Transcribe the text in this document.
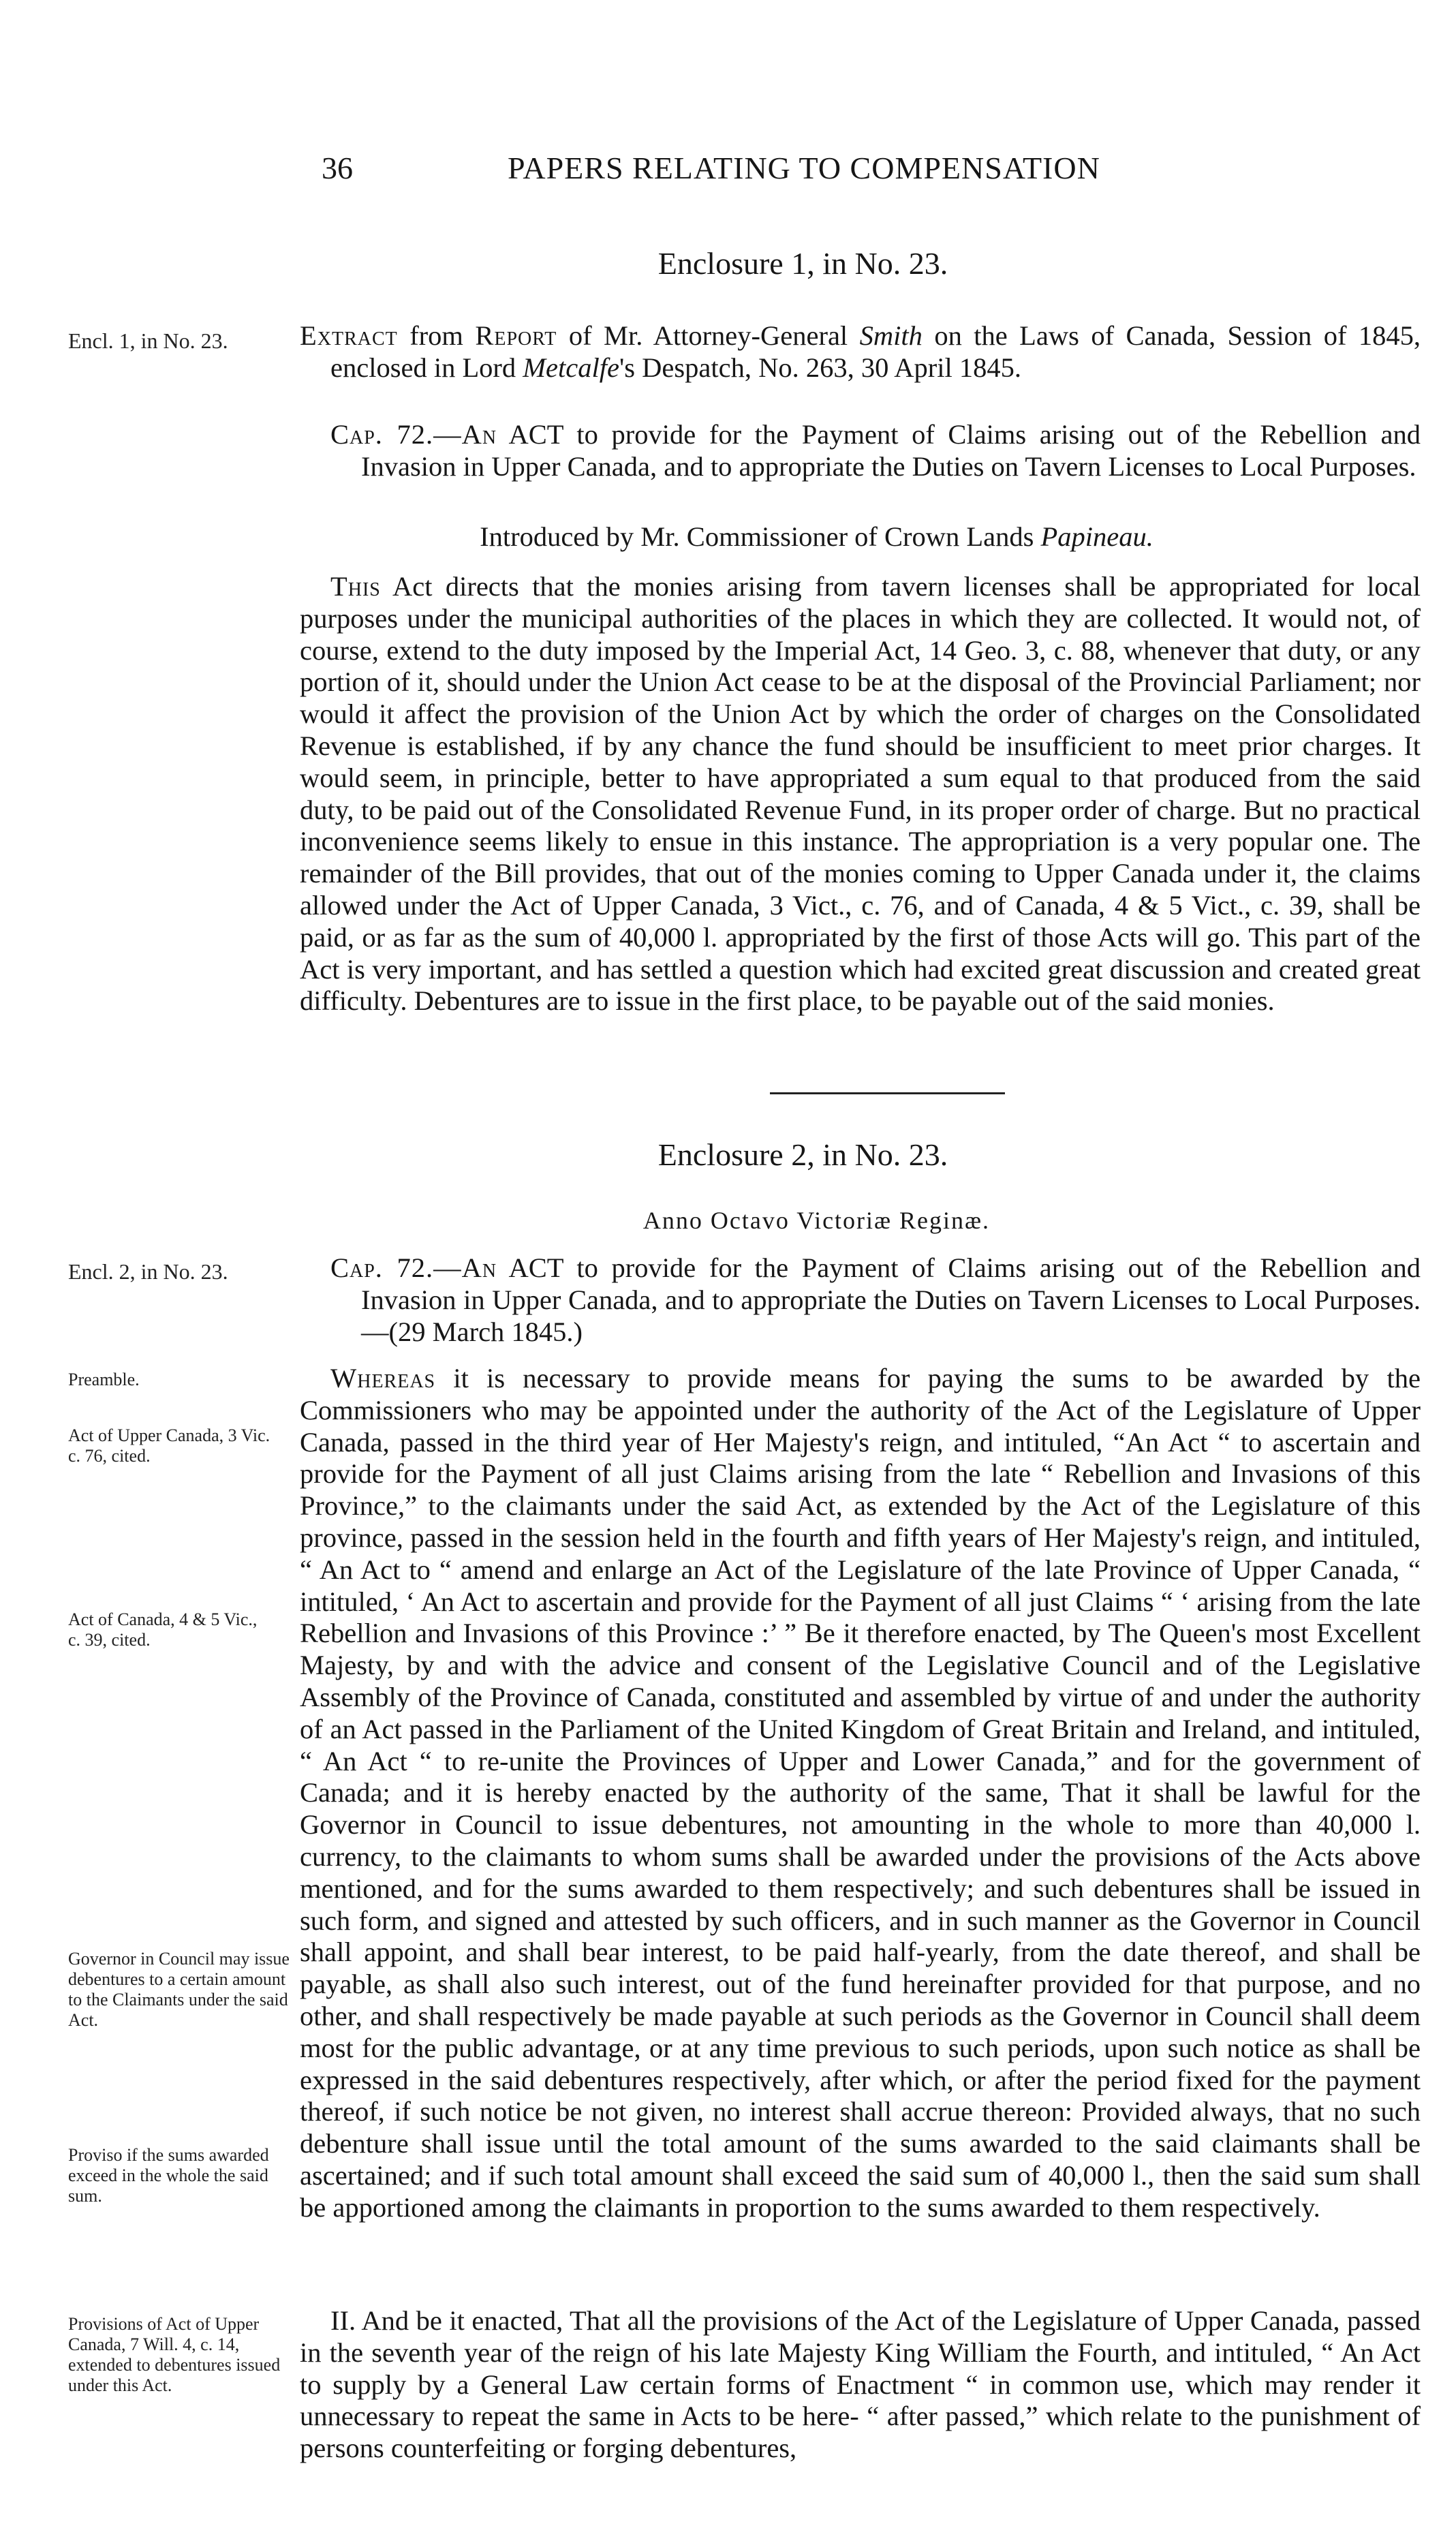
36	PAPERS RELATING TO COMPENSATION
Enclosure 1, in No. 23.
Encl. 1, in No. 23.	Extract from Report of Mr. Attorney-General Smith on the Laws of Canada, Session of 1845, enclosed in Lord Metcalfe's Despatch, No. 263, 30 April 1845.

Cap. 72.—An ACT to provide for the Payment of Claims arising out of the Rebellion and Invasion in Upper Canada, and to appropriate the Duties on Tavern Licenses to Local Purposes.

Introduced by Mr. Commissioner of Crown Lands Papineau.

This Act directs that the monies arising from tavern licenses shall be appropriated for local purposes under the municipal authorities of the places in which they are collected. It would not, of course, extend to the duty imposed by the Imperial Act, 14 Geo. 3, c. 88, whenever that duty, or any portion of it, should under the Union Act cease to be at the disposal of the Provincial Parliament; nor would it affect the provision of the Union Act by which the order of charges on the Consolidated Revenue is established, if by any chance the fund should be insufficient to meet prior charges. It would seem, in principle, better to have appropriated a sum equal to that produced from the said duty, to be paid out of the Consolidated Revenue Fund, in its proper order of charge. But no practical inconvenience seems likely to ensue in this instance. The appropriation is a very popular one. The remainder of the Bill provides, that out of the monies coming to Upper Canada under it, the claims allowed under the Act of Upper Canada, 3 Vict., c. 76, and of Canada, 4 & 5 Vict., c. 39, shall be paid, or as far as the sum of 40,000 l. appropriated by the first of those Acts will go. This part of the Act is very important, and has settled a question which had excited great discussion and created great difficulty. Debentures are to issue in the first place, to be payable out of the said monies.

Enclosure 2, in No. 23.
Anno Octavo Victoriæ Reginæ.
Encl. 2, in No. 23.	Cap. 72.—An ACT to provide for the Payment of Claims arising out of the Rebellion and Invasion in Upper Canada, and to appropriate the Duties on Tavern Licenses to Local Purposes.—(29 March 1845.)

Preamble.
Act of Upper Canada, 3 Vic. c. 76, cited.
Act of Canada, 4 & 5 Vic., c. 39, cited.
Governor in Council may issue debentures to a certain amount to the Claimants under the said Act.
Proviso if the sums awarded exceed in the whole the said sum.
Provisions of Act of Upper Canada, 7 Will. 4, c. 14, extended to debentures issued under this Act.

Whereas it is necessary to provide means for paying the sums to be awarded by the Commissioners who may be appointed under the authority of the Act of the Legislature of Upper Canada, passed in the third year of Her Majesty's reign, and intituled, “An Act “ to ascertain and provide for the Payment of all just Claims arising from the late “ Rebellion and Invasions of this Province,” to the claimants under the said Act, as extended by the Act of the Legislature of this province, passed in the session held in the fourth and fifth years of Her Majesty's reign, and intituled, “ An Act to “ amend and enlarge an Act of the Legislature of the late Province of Upper Canada, “ intituled, ‘ An Act to ascertain and provide for the Payment of all just Claims “ ‘ arising from the late Rebellion and Invasions of this Province :’ ” Be it therefore enacted, by The Queen's most Excellent Majesty, by and with the advice and consent of the Legislative Council and of the Legislative Assembly of the Province of Canada, constituted and assembled by virtue of and under the authority of an Act passed in the Parliament of the United Kingdom of Great Britain and Ireland, and intituled, “ An Act “ to re-unite the Provinces of Upper and Lower Canada,” and for the government of Canada; and it is hereby enacted by the authority of the same, That it shall be lawful for the Governor in Council to issue debentures, not amounting in the whole to more than 40,000 l. currency, to the claimants to whom sums shall be awarded under the provisions of the Acts above mentioned, and for the sums awarded to them respectively; and such debentures shall be issued in such form, and signed and attested by such officers, and in such manner as the Governor in Council shall appoint, and shall bear interest, to be paid half-yearly, from the date thereof, and shall be payable, as shall also such interest, out of the fund hereinafter provided for that purpose, and no other, and shall respectively be made payable at such periods as the Governor in Council shall deem most for the public advantage, or at any time previous to such periods, upon such notice as shall be expressed in the said debentures respectively, after which, or after the period fixed for the payment thereof, if such notice be not given, no interest shall accrue thereon: Provided always, that no such debenture shall issue until the total amount of the sums awarded to the said claimants shall be ascertained; and if such total amount shall exceed the said sum of 40,000 l., then the said sum shall be apportioned among the claimants in proportion to the sums awarded to them respectively.

II. And be it enacted, That all the provisions of the Act of the Legislature of Upper Canada, passed in the seventh year of the reign of his late Majesty King William the Fourth, and intituled, “ An Act to supply by a General Law certain forms of Enactment “ in common use, which may render it unnecessary to repeat the same in Acts to be here- “ after passed,” which relate to the punishment of persons counterfeiting or forging debentures,
